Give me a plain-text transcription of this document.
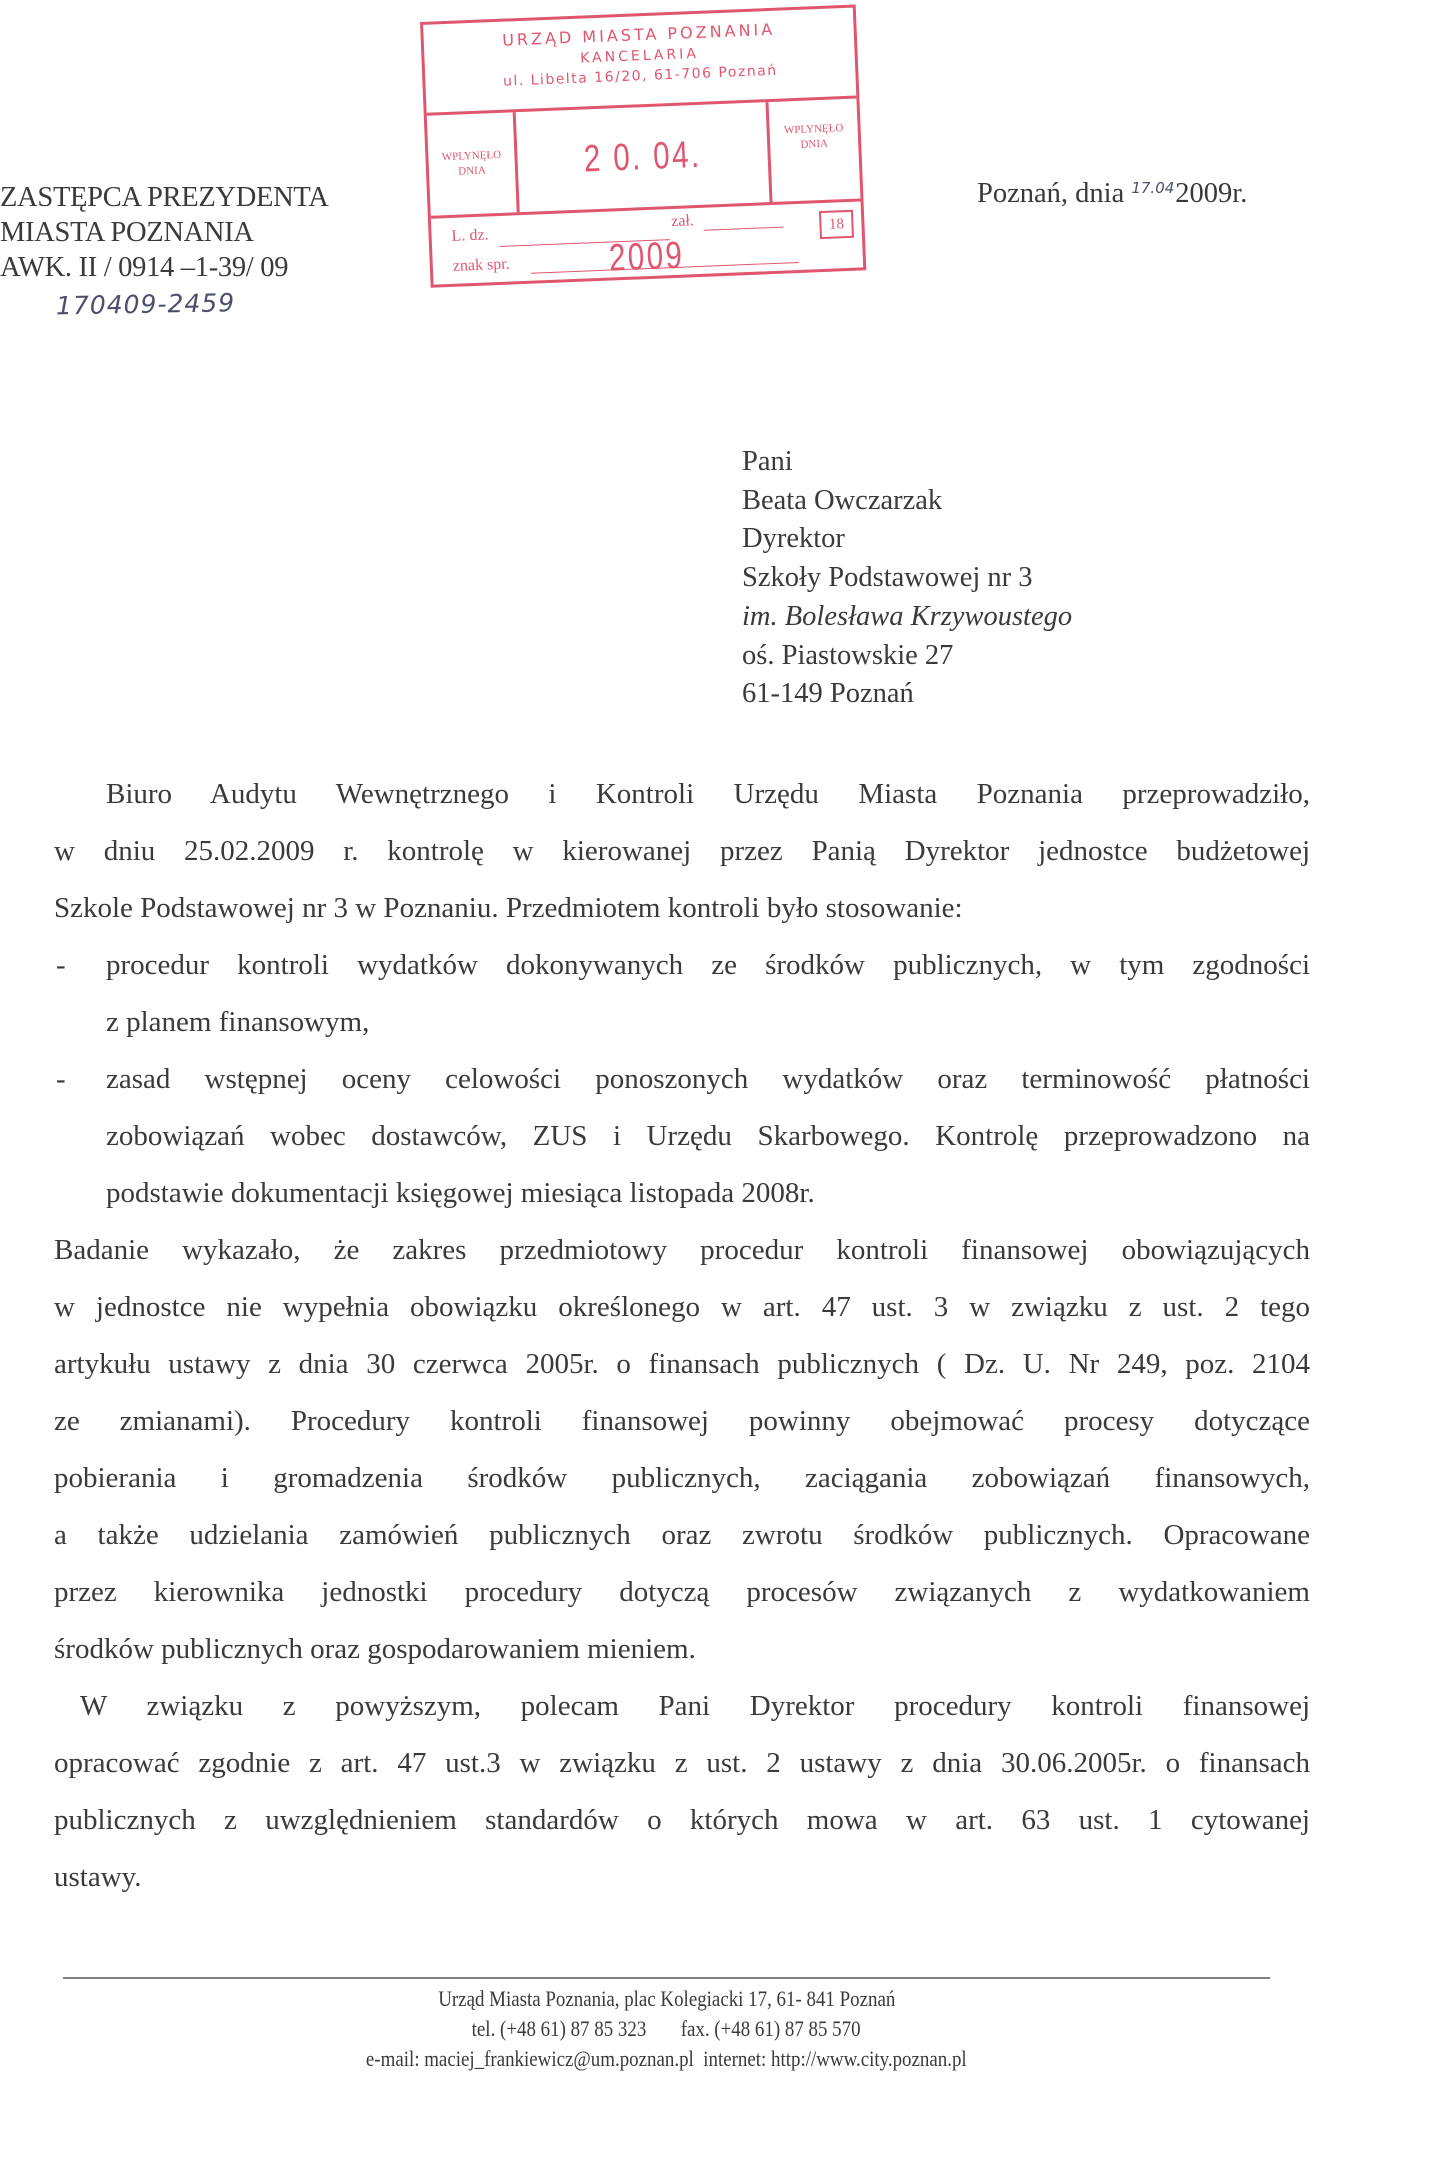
ZASTĘPCA PREZYDENTA
MIASTA POZNANIA
AWK. II / 0914 –1-39/ 09
170409-2459
URZĄD MIASTA POZNANIA
KANCELARIA
ul. Libelta 16/20, 61-706 Poznań
WPLYNĘŁO
DNIA	2 0. 04. 2009
WPLYNĘŁO
DNIA
L. dz.
zał.	18
znak spr.
Poznań, dnia $^{17.04}$2009r.
Pani
Beata Owczarzak
Dyrektor
Szkoły Podstawowej nr 3
im. Bolesława Krzywoustego
oś. Piastowskie 27
61-149 Poznań
Biuro Audytu Wewnętrznego i Kontroli Urzędu Miasta Poznania przeprowadziło,
w dniu 25.02.2009 r. kontrolę w kierowanej przez Panią Dyrektor jednostce budżetowej
Szkole Podstawowej nr 3 w Poznaniu. Przedmiotem kontroli było stosowanie:
- procedur kontroli wydatków dokonywanych ze środków publicznych, w tym zgodności
z planem finansowym,
- zasad wstępnej oceny celowości ponoszonych wydatków oraz terminowość płatności
zobowiązań wobec dostawców, ZUS i Urzędu Skarbowego. Kontrolę przeprowadzono na
podstawie dokumentacji księgowej miesiąca listopada 2008r.
Badanie wykazało, że zakres przedmiotowy procedur kontroli finansowej obowiązujących
w jednostce nie wypełnia obowiązku określonego w art. 47 ust. 3 w związku z ust. 2 tego
artykułu ustawy z dnia 30 czerwca 2005r. o finansach publicznych ( Dz. U. Nr 249, poz. 2104
ze zmianami). Procedury kontroli finansowej powinny obejmować procesy dotyczące
pobierania i gromadzenia środków publicznych, zaciągania zobowiązań finansowych,
a także udzielania zamówień publicznych oraz zwrotu środków publicznych. Opracowane
przez kierownika jednostki procedury dotyczą procesów związanych z wydatkowaniem
środków publicznych oraz gospodarowaniem mieniem.
W związku z powyższym, polecam Pani Dyrektor procedury kontroli finansowej
opracować zgodnie z art. 47 ust.3 w związku z ust. 2 ustawy z dnia 30.06.2005r. o finansach
publicznych z uwzględnieniem standardów o których mowa w art. 63 ust. 1 cytowanej
ustawy.
Urząd Miasta Poznania, plac Kolegiacki 17, 61- 841 Poznań
tel. (+48 61) 87 85 323 fax. (+48 61) 87 85 570
e-mail: maciej_frankiewicz@um.poznan.pl internet: http://www.city.poznan.pl
